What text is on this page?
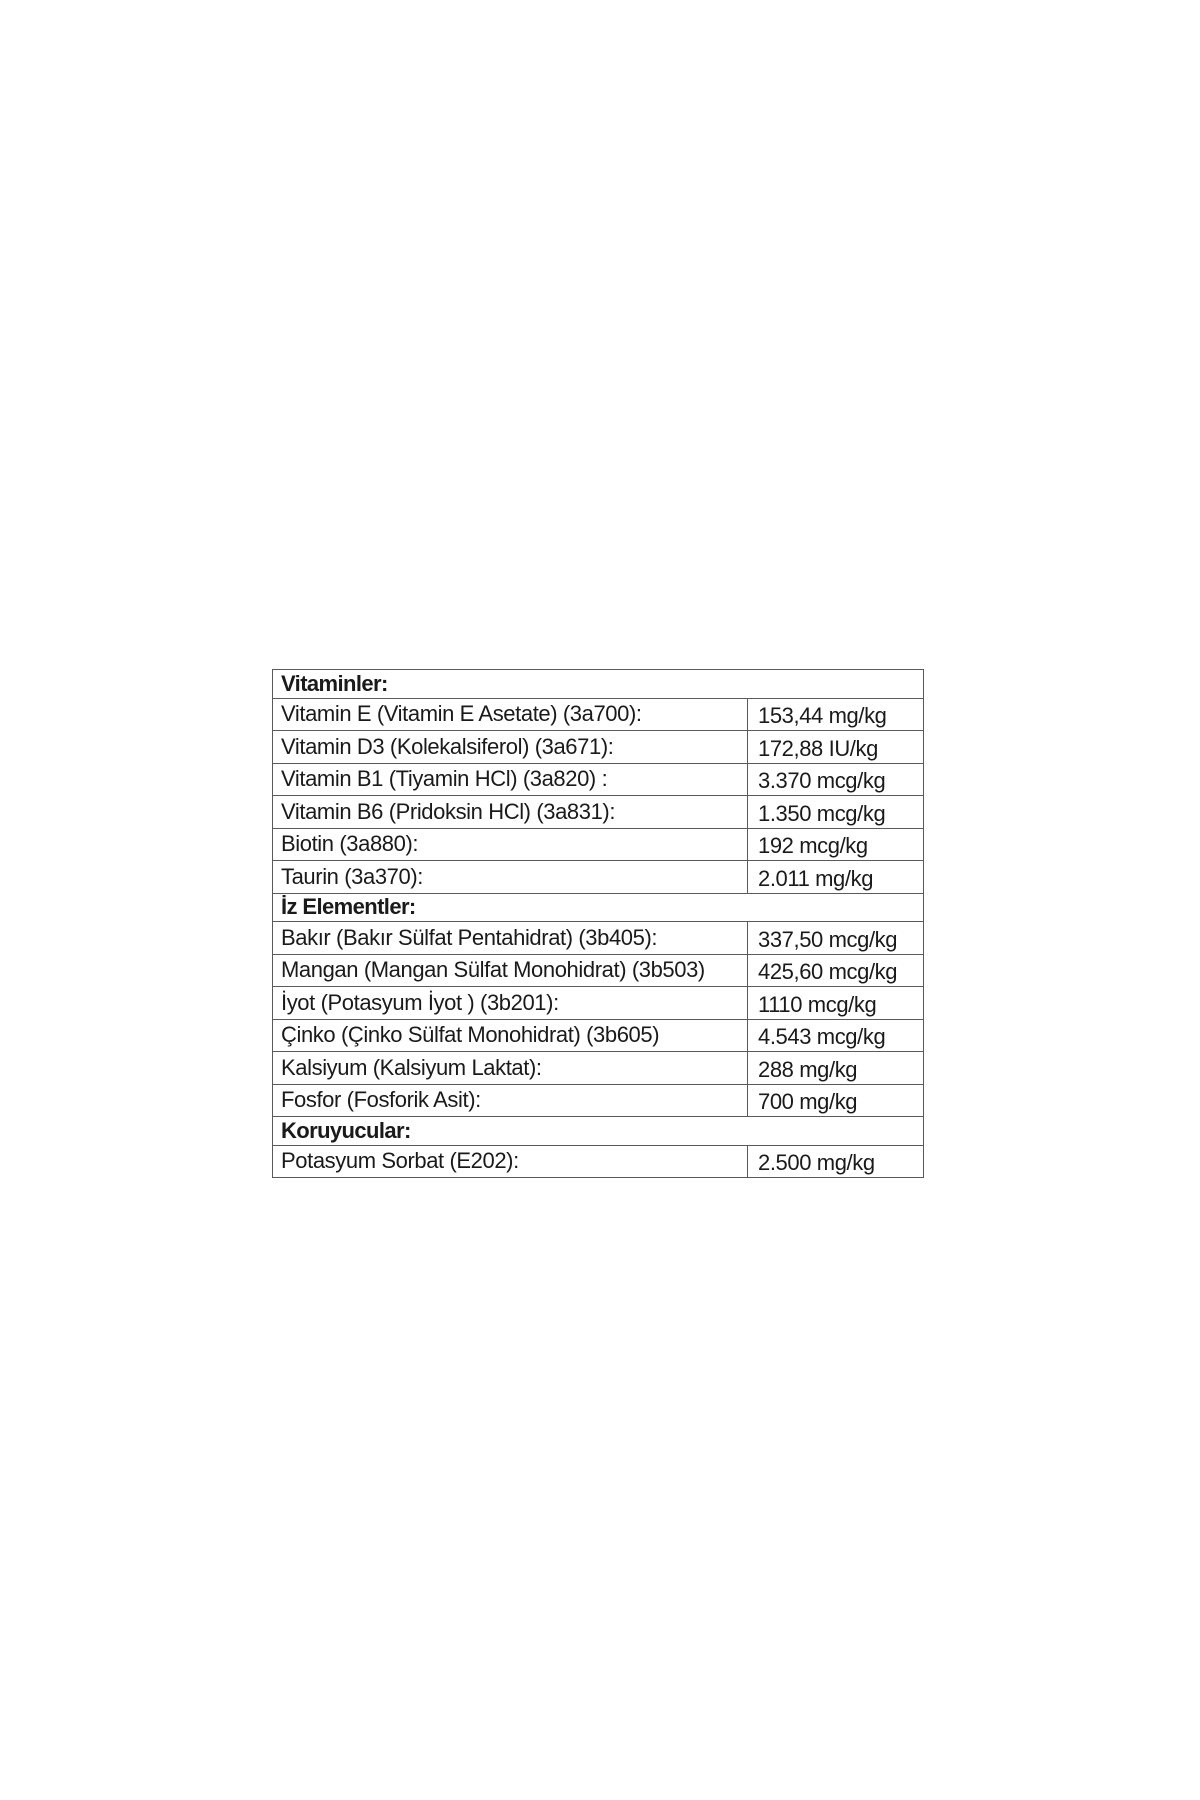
Vitaminler:	
Vitamin E (Vitamin E Asetate) (3a700):	153,44 mg/kg
Vitamin D3 (Kolekalsiferol) (3a671):	172,88 IU/kg
Vitamin B1 (Tiyamin HCl) (3a820) :	3.370 mcg/kg
Vitamin B6 (Pridoksin HCl) (3a831):	1.350 mcg/kg
Biotin (3a880):	192 mcg/kg
Taurin (3a370):	2.011 mg/kg
İz Elementler:	
Bakır (Bakır Sülfat Pentahidrat) (3b405):	337,50 mcg/kg
Mangan (Mangan Sülfat Monohidrat) (3b503)	425,60 mcg/kg
İyot (Potasyum İyot ) (3b201):	1110 mcg/kg
Çinko (Çinko Sülfat Monohidrat) (3b605)	4.543 mcg/kg
Kalsiyum (Kalsiyum Laktat):	288 mg/kg
Fosfor (Fosforik Asit):	700 mg/kg
Koruyucular:	
Potasyum Sorbat (E202):	2.500 mg/kg
